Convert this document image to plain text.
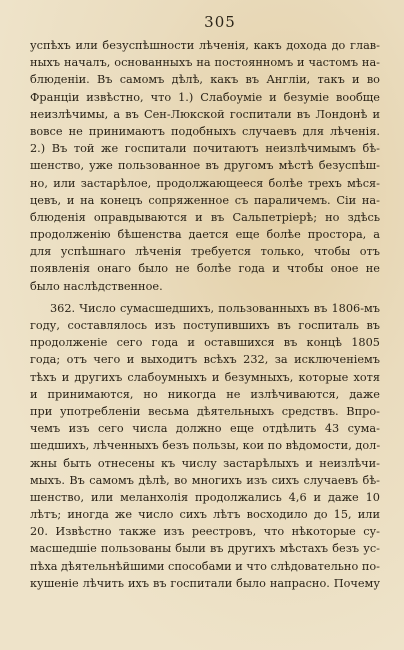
305
успѣхъ или безуспѣшности лѣченія, какъ дохода до глав-
ныхъ началъ, основанныхъ на постоянномъ и частомъ на-
блюденіи. Въ самомъ дѣлѣ, какъ въ Англіи, такъ и во
Франціи извѣстно, что 1.) Слабоуміе и безуміе вообще
неизлѣчимы, а въ Сен-Люкской госпитали въ Лондонѣ и
вовсе не принимаютъ подобныхъ случаевъ для лѣченія.
2.) Въ той же госпитали почитаютъ неизлѣчимымъ бѣ-
шенство, уже пользованное въ другомъ мѣстѣ безуспѣш-
но, или застарѣлое, продолжающееся болѣе трехъ мѣся-
цевъ, и на конецъ сопряженное съ параличемъ. Сіи на-
блюденія оправдываются и въ Сальпетріерѣ; но здѣсь
продолженію бѣшенства дается еще болѣе простора, а
для успѣшнаго лѣченія требуется только, чтобы отъ
появленія онаго было не болѣе года и чтобы оное не
было наслѣдственное.
362. Число сумасшедшихъ, пользованныхъ въ 1806-мъ
году, составлялось изъ поступившихъ въ госпиталь въ
продолженіе сего года и оставшихся въ концѣ 1805
года; отъ чего и выходитъ всѣхъ 232, за исключеніемъ
тѣхъ и другихъ слабоумныхъ и безумныхъ, которые хотя
и принимаются, но никогда не излѣчиваются, даже
при употребленіи весьма дѣятельныхъ средствъ. Впро-
чемъ изъ сего числа должно еще отдѣлить 43 сума-
шедшихъ, лѣченныхъ безъ пользы, кои по вѣдомости, дол-
жны быть отнесены къ числу застарѣлыхъ и неизлѣчи-
мыхъ. Въ самомъ дѣлѣ, во многихъ изъ сихъ случаевъ бѣ-
шенство, или меланхолія продолжались 4,6 и даже 10
лѣтъ; иногда же число сихъ лѣтъ восходило до 15, или
20. Извѣстно также изъ реестровъ, что нѣкоторые су-
масшедшіе пользованы были въ другихъ мѣстахъ безъ ус-
пѣха дѣятельнѣйшими способами и что слѣдовательно по-
кушеніе лѣчить ихъ въ госпитали было напрасно. Почему
